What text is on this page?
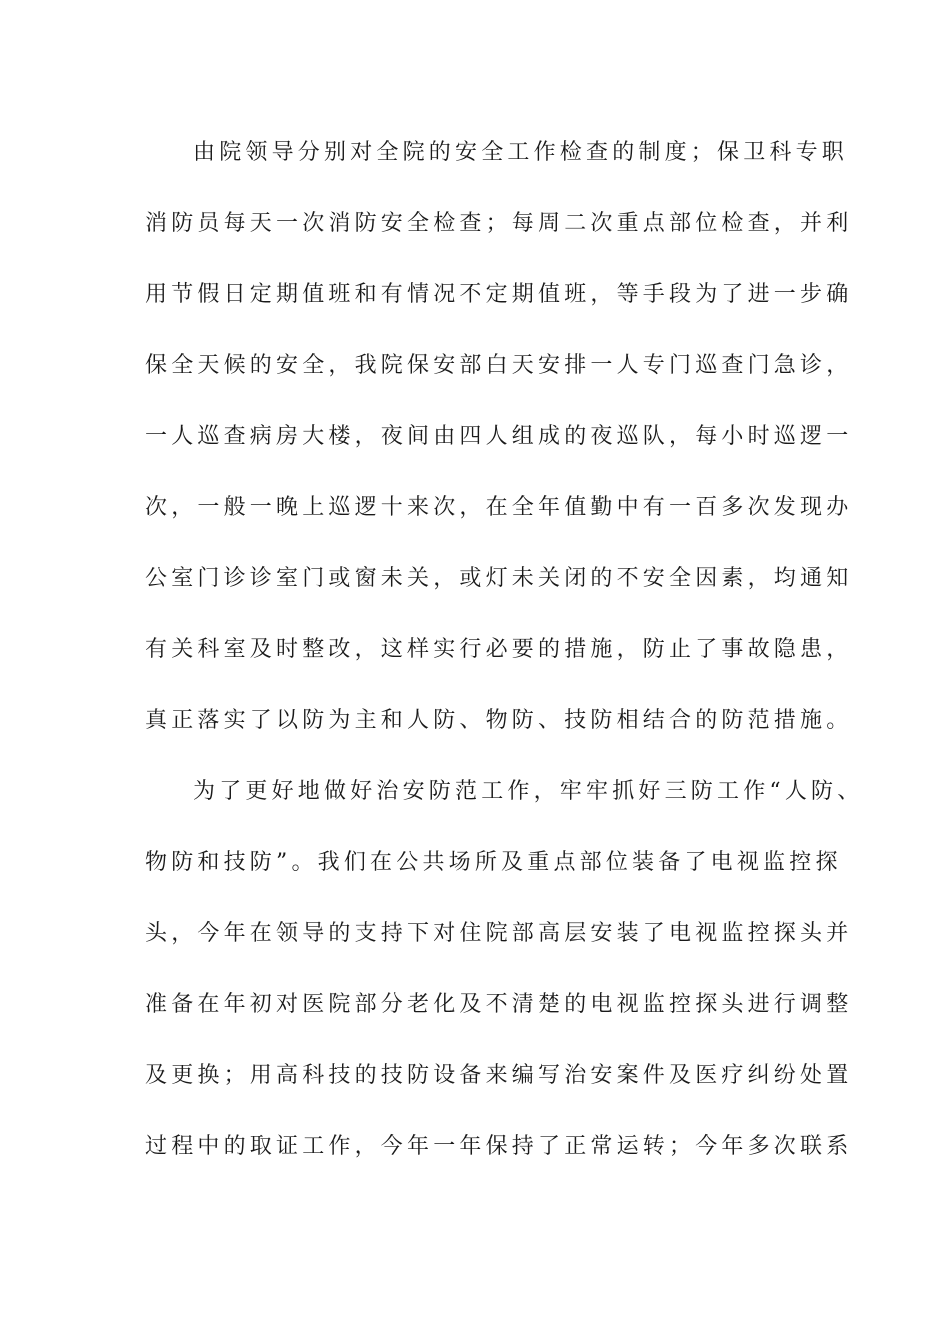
由院领导分别对全院的安全工作检查的制度；保卫科专职
消防员每天一次消防安全检查；每周二次重点部位检查，并利
用节假日定期值班和有情况不定期值班，等手段为了进一步确
保全天候的安全，我院保安部白天安排一人专门巡查门急诊，
一人巡查病房大楼，夜间由四人组成的夜巡队，每小时巡逻一
次，一般一晚上巡逻十来次，在全年值勤中有一百多次发现办
公室门诊诊室门或窗未关，或灯未关闭的不安全因素，均通知
有关科室及时整改，这样实行必要的措施，防止了事故隐患，
真正落实了以防为主和人防、物防、技防相结合的防范措施。
为了更好地做好治安防范工作，牢牢抓好三防工作“人防、
物防和技防”。我们在公共场所及重点部位装备了电视监控探
头，今年在领导的支持下对住院部高层安装了电视监控探头并
准备在年初对医院部分老化及不清楚的电视监控探头进行调整
及更换；用高科技的技防设备来编写治安案件及医疗纠纷处置
过程中的取证工作，今年一年保持了正常运转；今年多次联系
